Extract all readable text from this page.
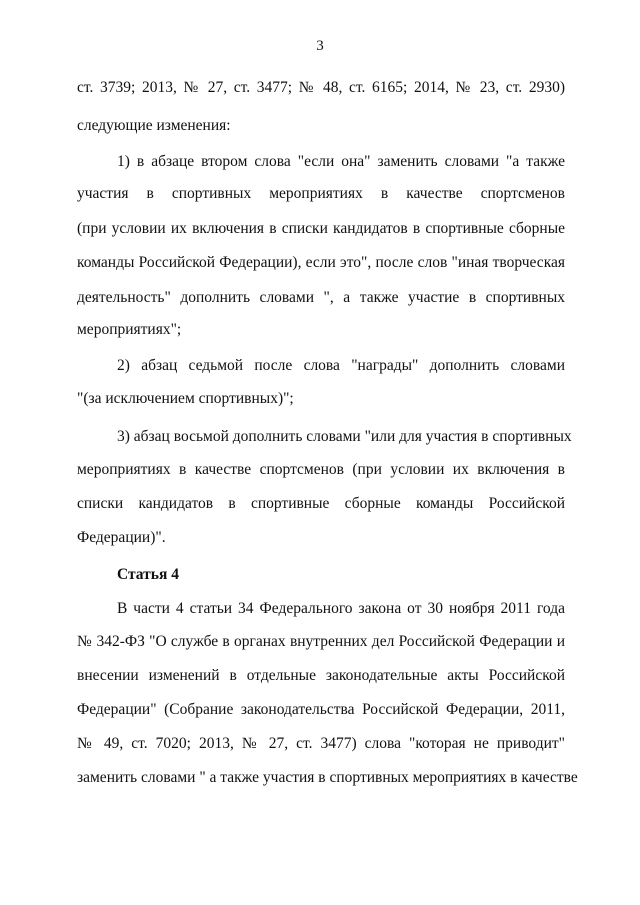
3
ст. 3739; 2013, № 27, ст. 3477; № 48, ст. 6165; 2014, № 23, ст. 2930)
следующие изменения:
1) в абзаце втором слова "если она" заменить словами "а также
участия в спортивных мероприятиях в качестве спортсменов
(при условии их включения в списки кандидатов в спортивные сборные
команды Российской Федерации), если это", после слов "иная творческая
деятельность" дополнить словами ", а также участие в спортивных
мероприятиях";
2) абзац седьмой после слова "награды" дополнить словами
"(за исключением спортивных)";
3) абзац восьмой дополнить словами "или для участия в спортивных
мероприятиях в качестве спортсменов (при условии их включения в
списки кандидатов в спортивные сборные команды Российской
Федерации)".
Статья 4
В части 4 статьи 34 Федерального закона от 30 ноября 2011 года
№ 342-ФЗ "О службе в органах внутренних дел Российской Федерации и
внесении изменений в отдельные законодательные акты Российской
Федерации" (Собрание законодательства Российской Федерации, 2011,
№ 49, ст. 7020; 2013, № 27, ст. 3477) слова "которая не приводит"
заменить словами " а также участия в спортивных мероприятиях в качестве
